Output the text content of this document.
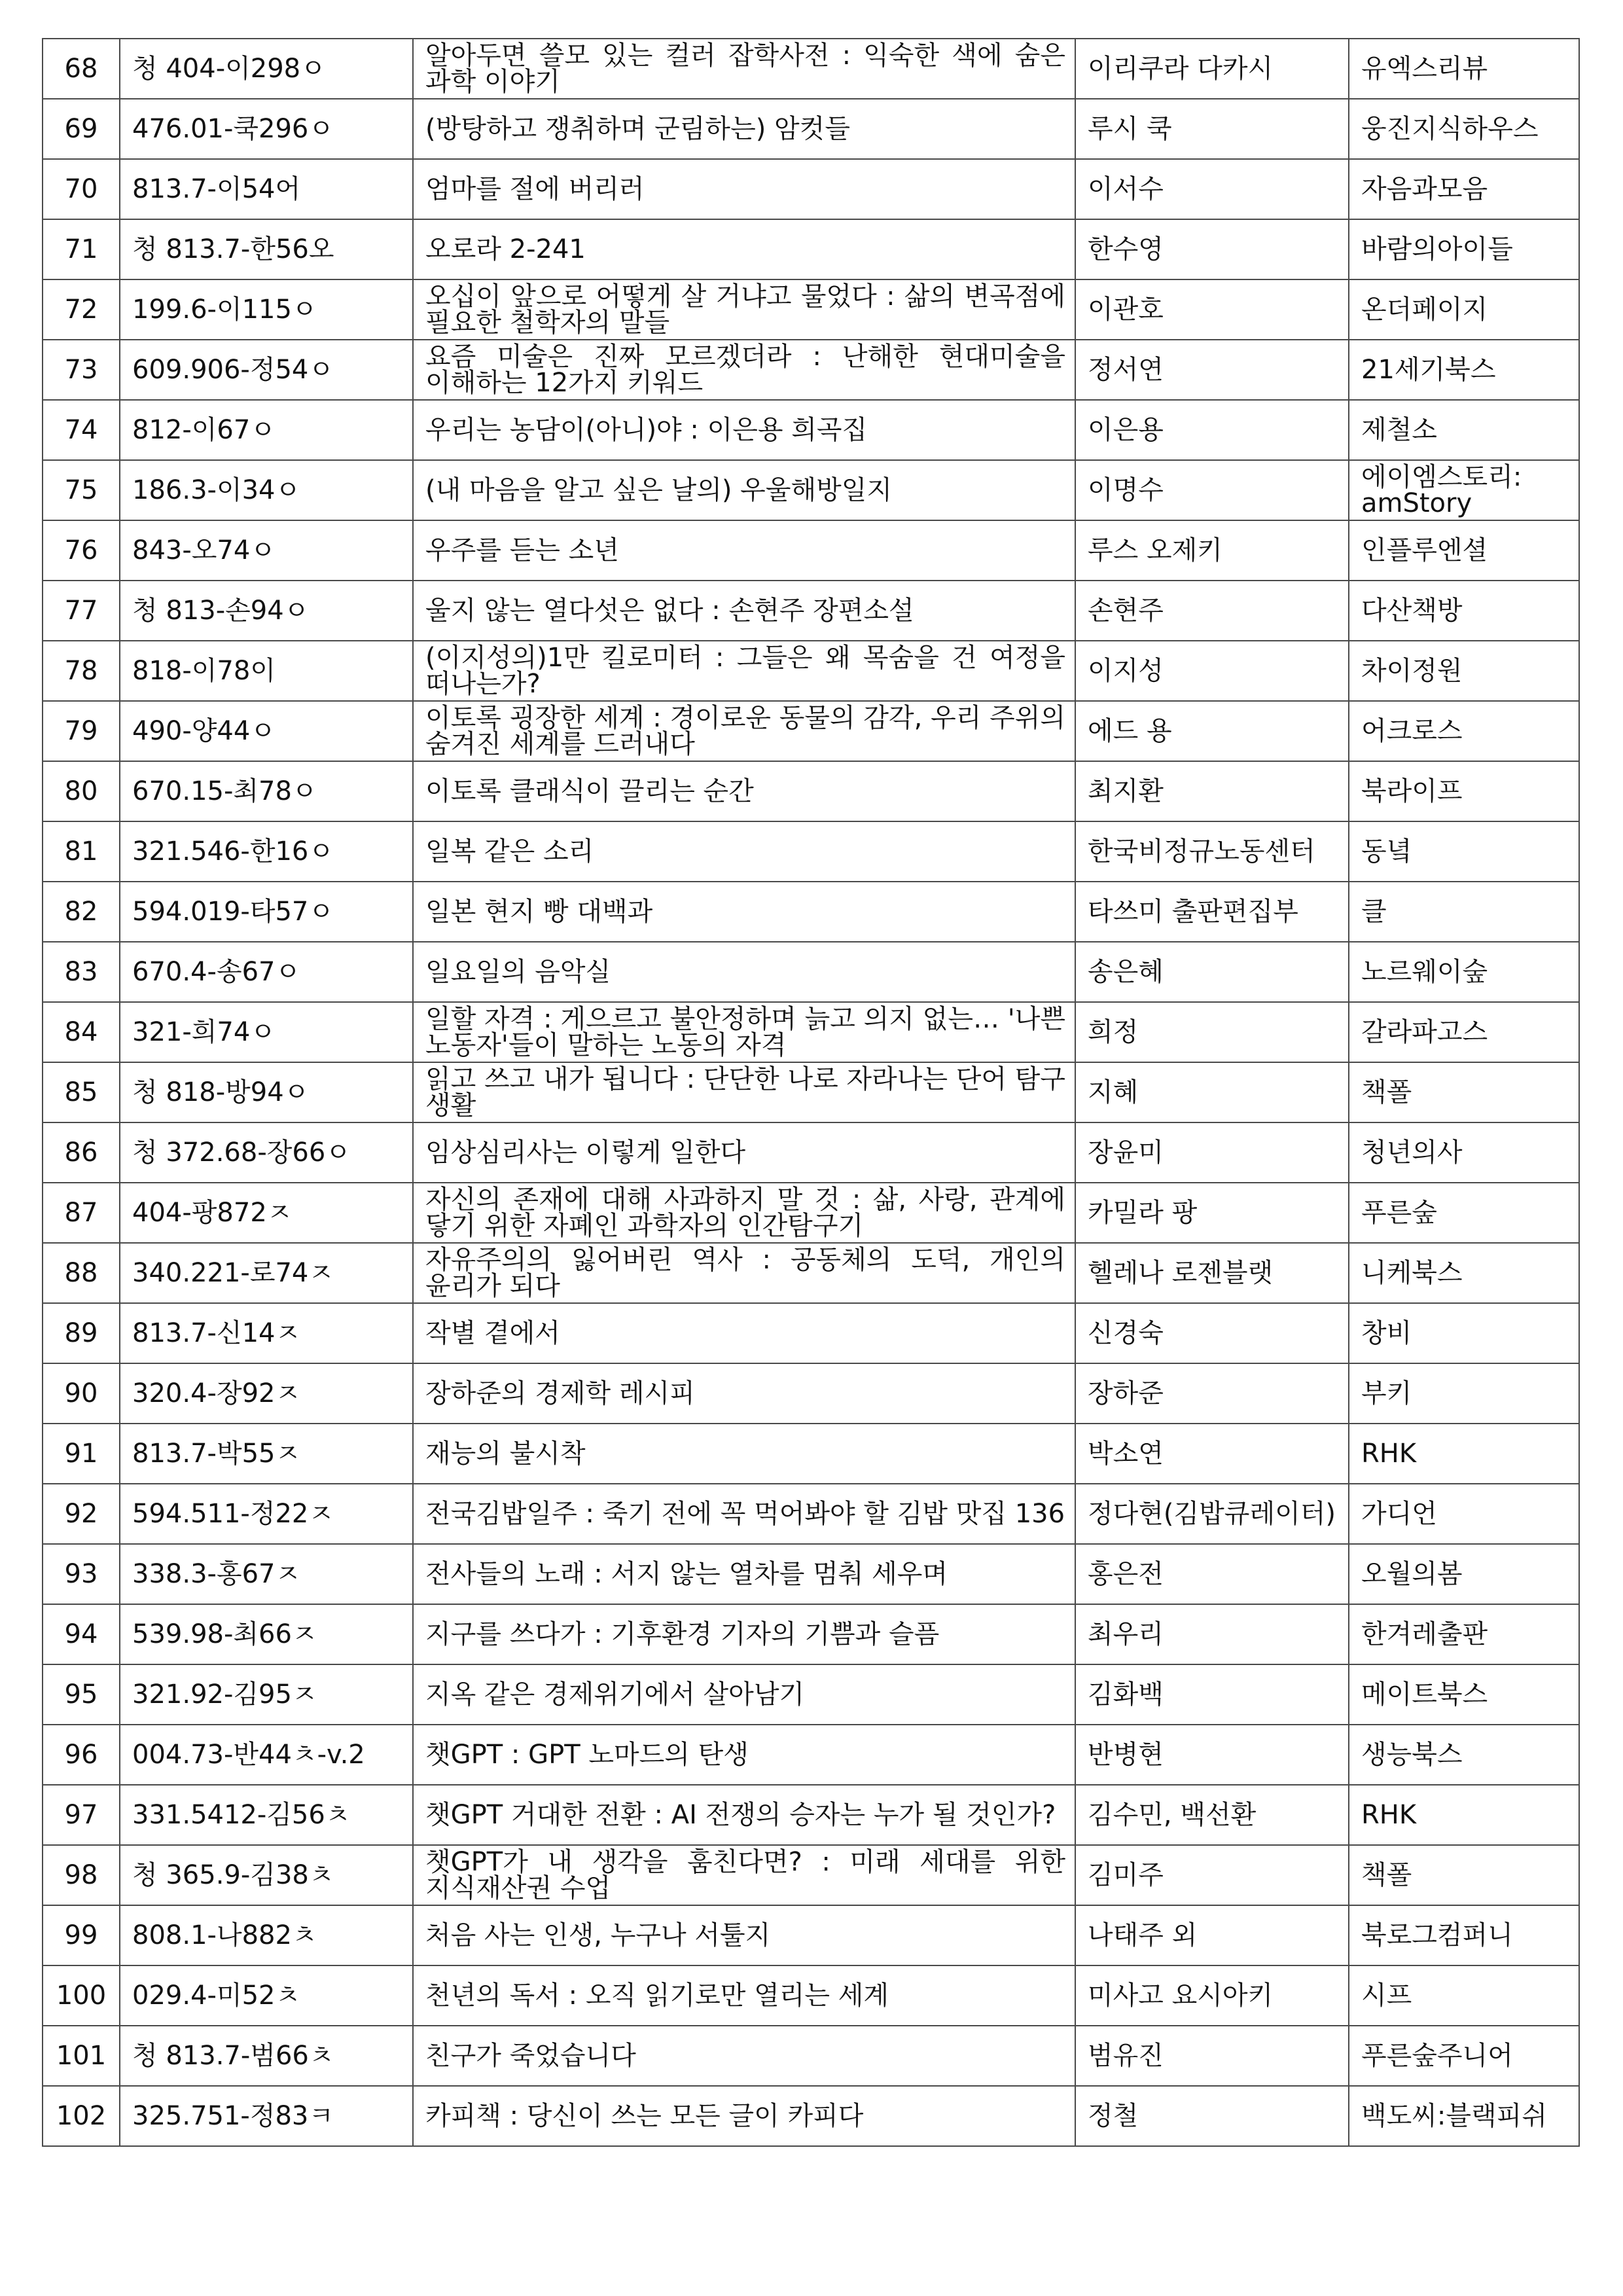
68	청 404-이298ㅇ	알아두면 쓸모 있는 컬러 잡학사전 : 익숙한 색에 숨은 과학 이야기	이리쿠라 다카시	유엑스리뷰
69	476.01-쿡296ㅇ	(방탕하고 쟁취하며 군림하는) 암컷들	루시 쿡	웅진지식하우스
70	813.7-이54어	엄마를 절에 버리러	이서수	자음과모음
71	청 813.7-한56오	오로라 2-241	한수영	바람의아이들
72	199.6-이115ㅇ	오십이 앞으로 어떻게 살 거냐고 물었다 : 삶의 변곡점에 필요한 철학자의 말들	이관호	온더페이지
73	609.906-정54ㅇ	요즘 미술은 진짜 모르겠더라 : 난해한 현대미술을 이해하는 12가지 키워드	정서연	21세기북스
74	812-이67ㅇ	우리는 농담이(아니)야 : 이은용 희곡집	이은용	제철소
75	186.3-이34ㅇ	(내 마음을 알고 싶은 날의) 우울해방일지	이명수	에이엠스토리: amStory
76	843-오74ㅇ	우주를 듣는 소년	루스 오제키	인플루엔셜
77	청 813-손94ㅇ	울지 않는 열다섯은 없다 : 손현주 장편소설	손현주	다산책방
78	818-이78이	(이지성의)1만 킬로미터 : 그들은 왜 목숨을 건 여정을 떠나는가?	이지성	차이정원
79	490-양44ㅇ	이토록 굉장한 세계 : 경이로운 동물의 감각, 우리 주위의 숨겨진 세계를 드러내다	에드 용	어크로스
80	670.15-최78ㅇ	이토록 클래식이 끌리는 순간	최지환	북라이프
81	321.546-한16ㅇ	일복 같은 소리	한국비정규노동센터	동녘
82	594.019-타57ㅇ	일본 현지 빵 대백과	타쓰미 출판편집부	클
83	670.4-송67ㅇ	일요일의 음악실	송은혜	노르웨이숲
84	321-희74ㅇ	일할 자격 : 게으르고 불안정하며 늙고 의지 없는… '나쁜 노동자'들이 말하는 노동의 자격	희정	갈라파고스
85	청 818-방94ㅇ	읽고 쓰고 내가 됩니다 : 단단한 나로 자라나는 단어 탐구 생활	지혜	책폴
86	청 372.68-장66ㅇ	임상심리사는 이렇게 일한다	장윤미	청년의사
87	404-팡872ㅈ	자신의 존재에 대해 사과하지 말 것 : 삶, 사랑, 관계에 닿기 위한 자폐인 과학자의 인간탐구기	카밀라 팡	푸른숲
88	340.221-로74ㅈ	자유주의의 잃어버린 역사 : 공동체의 도덕, 개인의 윤리가 되다	헬레나 로젠블랫	니케북스
89	813.7-신14ㅈ	작별 곁에서	신경숙	창비
90	320.4-장92ㅈ	장하준의 경제학 레시피	장하준	부키
91	813.7-박55ㅈ	재능의 불시착	박소연	RHK
92	594.511-정22ㅈ	전국김밥일주 : 죽기 전에 꼭 먹어봐야 할 김밥 맛집 136	정다현(김밥큐레이터)	가디언
93	338.3-홍67ㅈ	전사들의 노래 : 서지 않는 열차를 멈춰 세우며	홍은전	오월의봄
94	539.98-최66ㅈ	지구를 쓰다가 : 기후환경 기자의 기쁨과 슬픔	최우리	한겨레출판
95	321.92-김95ㅈ	지옥 같은 경제위기에서 살아남기	김화백	메이트북스
96	004.73-반44ㅊ-v.2	챗GPT : GPT 노마드의 탄생	반병현	생능북스
97	331.5412-김56ㅊ	챗GPT 거대한 전환 : AI 전쟁의 승자는 누가 될 것인가?	김수민, 백선환	RHK
98	청 365.9-김38ㅊ	챗GPT가 내 생각을 훔친다면? : 미래 세대를 위한 지식재산권 수업	김미주	책폴
99	808.1-나882ㅊ	처음 사는 인생, 누구나 서툴지	나태주 외	북로그컴퍼니
100	029.4-미52ㅊ	천년의 독서 : 오직 읽기로만 열리는 세계	미사고 요시아키	시프
101	청 813.7-범66ㅊ	친구가 죽었습니다	범유진	푸른숲주니어
102	325.751-정83ㅋ	카피책 : 당신이 쓰는 모든 글이 카피다	정철	백도씨:블랙피쉬
